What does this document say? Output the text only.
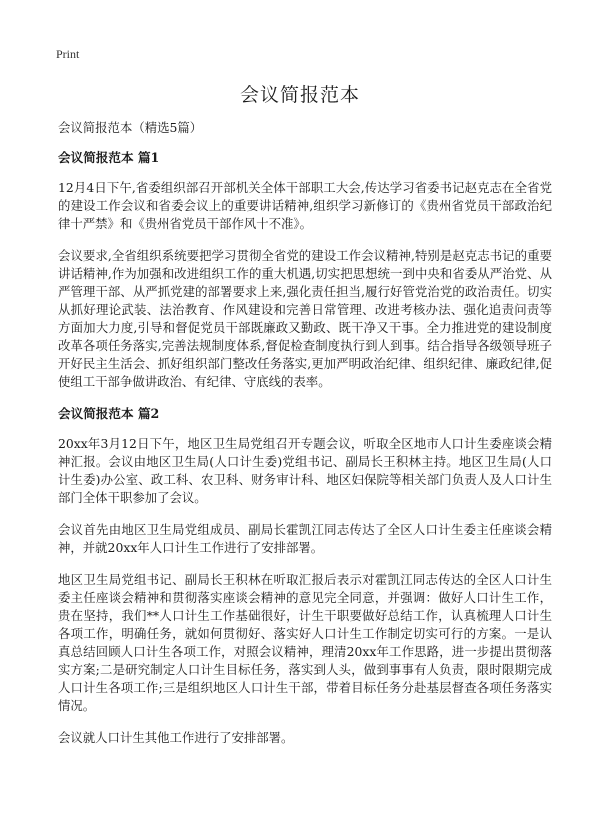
Print
会议简报范本

会议简报范本（精选5篇）

会议简报范本 篇1

12月4日下午,省委组织部召开部机关全体干部职工大会,传达学习省委书记赵克志在全省党的建设工作会议和省委会议上的重要讲话精神,组织学习新修订的《贵州省党员干部政治纪律十严禁》和《贵州省党员干部作风十不准》。

会议要求,全省组织系统要把学习贯彻全省党的建设工作会议精神,特别是赵克志书记的重要讲话精神,作为加强和改进组织工作的重大机遇,切实把思想统一到中央和省委从严治党、从严管理干部、从严抓党建的部署要求上来,强化责任担当,履行好管党治党的政治责任。切实从抓好理论武装、法治教育、作风建设和完善日常管理、改进考核办法、强化追责问责等方面加大力度,引导和督促党员干部既廉政又勤政、既干净又干事。全力推进党的建设制度改革各项任务落实,完善法规制度体系,督促检查制度执行到人到事。结合指导各级领导班子开好民主生活会、抓好组织部门整改任务落实,更加严明政治纪律、组织纪律、廉政纪律,促使组工干部争做讲政治、有纪律、守底线的表率。

会议简报范本 篇2

20xx年3月12日下午，地区卫生局党组召开专题会议，听取全区地市人口计生委座谈会精神汇报。会议由地区卫生局(人口计生委)党组书记、副局长王积林主持。地区卫生局(人口计生委)办公室、政工科、农卫科、财务审计科、地区妇保院等相关部门负责人及人口计生部门全体干职参加了会议。

会议首先由地区卫生局党组成员、副局长霍凯江同志传达了全区人口计生委主任座谈会精神，并就20xx年人口计生工作进行了安排部署。

地区卫生局党组书记、副局长王积林在听取汇报后表示对霍凯江同志传达的全区人口计生委主任座谈会精神和贯彻落实座谈会精神的意见完全同意，并强调：做好人口计生工作，贵在坚持，我们**人口计生工作基础很好，计生干职要做好总结工作，认真梳理人口计生各项工作，明确任务，就如何贯彻好、落实好人口计生工作制定切实可行的方案。一是认真总结回顾人口计生各项工作，对照会议精神，理清20xx年工作思路，进一步提出贯彻落实方案;二是研究制定人口计生目标任务，落实到人头，做到事事有人负责，限时限期完成人口计生各项工作;三是组织地区人口计生干部，带着目标任务分赴基层督查各项任务落实情况。

会议就人口计生其他工作进行了安排部署。
